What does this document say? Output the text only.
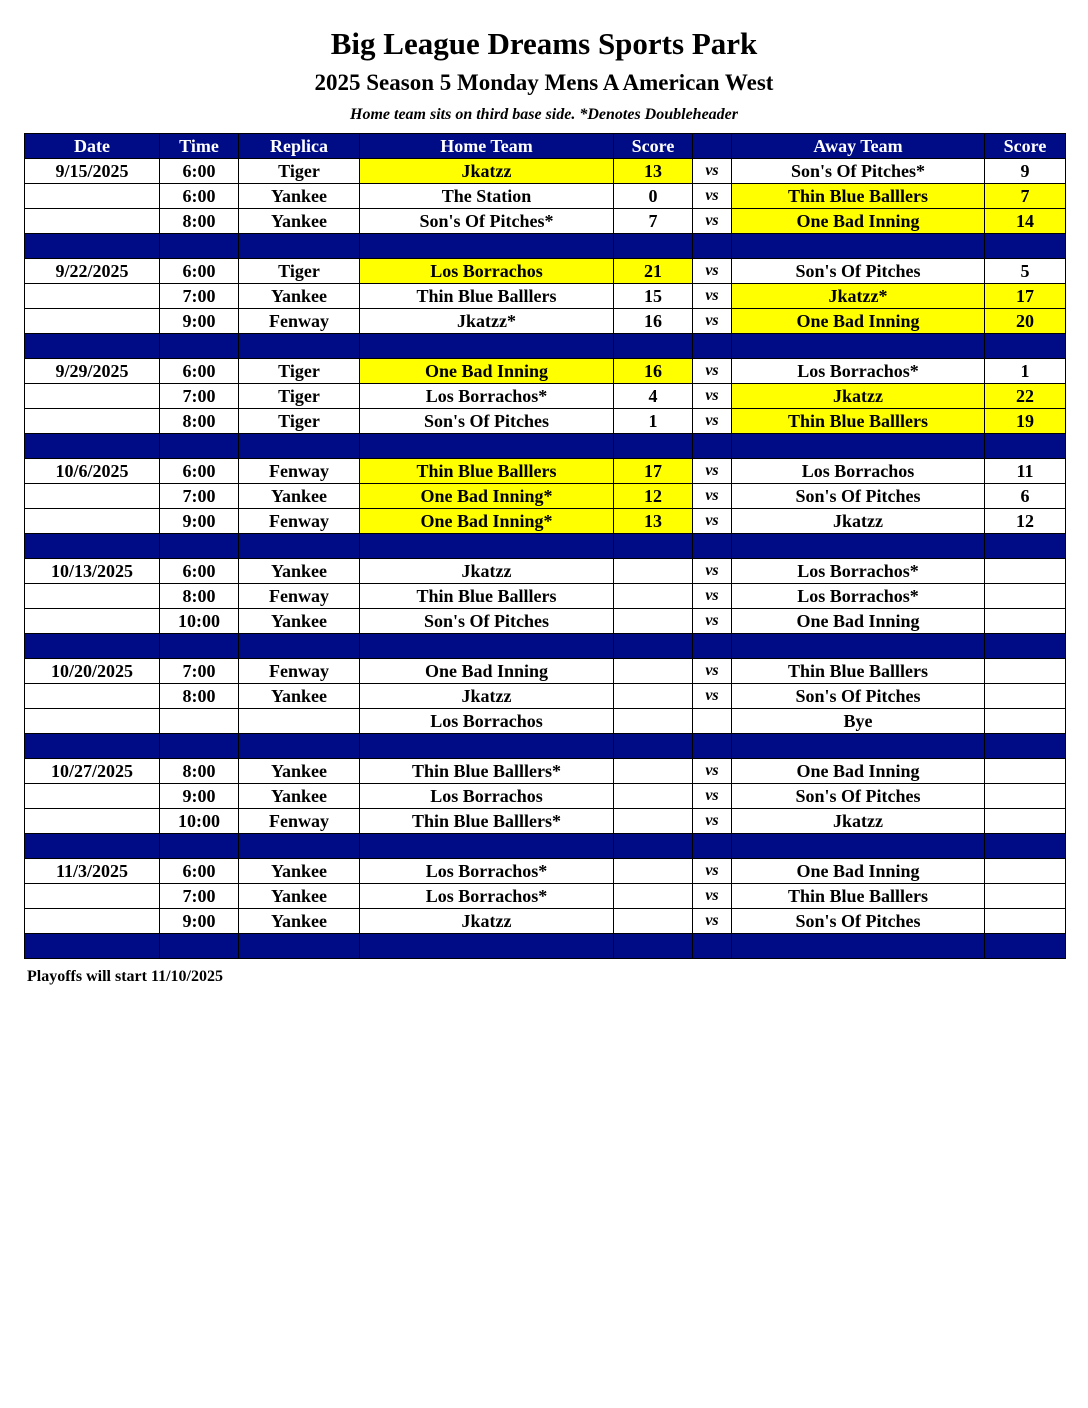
Big League Dreams Sports Park
2025 Season 5 Monday Mens A American West
Home team sits on third base side. *Denotes Doubleheader
Date	Time	Replica	Home Team	Score		Away Team	Score
9/15/2025	6:00	Tiger	Jkatzz	13	vs	Son's Of Pitches*	9
	6:00	Yankee	The Station	0	vs	Thin Blue Balllers	7
	8:00	Yankee	Son's Of Pitches*	7	vs	One Bad Inning	14

9/22/2025	6:00	Tiger	Los Borrachos	21	vs	Son's Of Pitches	5
	7:00	Yankee	Thin Blue Balllers	15	vs	Jkatzz*	17
	9:00	Fenway	Jkatzz*	16	vs	One Bad Inning	20

9/29/2025	6:00	Tiger	One Bad Inning	16	vs	Los Borrachos*	1
	7:00	Tiger	Los Borrachos*	4	vs	Jkatzz	22
	8:00	Tiger	Son's Of Pitches	1	vs	Thin Blue Balllers	19

10/6/2025	6:00	Fenway	Thin Blue Balllers	17	vs	Los Borrachos	11
	7:00	Yankee	One Bad Inning*	12	vs	Son's Of Pitches	6
	9:00	Fenway	One Bad Inning*	13	vs	Jkatzz	12

10/13/2025	6:00	Yankee	Jkatzz		vs	Los Borrachos*	
	8:00	Fenway	Thin Blue Balllers		vs	Los Borrachos*	
	10:00	Yankee	Son's Of Pitches		vs	One Bad Inning	

10/20/2025	7:00	Fenway	One Bad Inning		vs	Thin Blue Balllers	
	8:00	Yankee	Jkatzz		vs	Son's Of Pitches	
			Los Borrachos			Bye	

10/27/2025	8:00	Yankee	Thin Blue Balllers*		vs	One Bad Inning	
	9:00	Yankee	Los Borrachos		vs	Son's Of Pitches	
	10:00	Fenway	Thin Blue Balllers*		vs	Jkatzz	

11/3/2025	6:00	Yankee	Los Borrachos*		vs	One Bad Inning	
	7:00	Yankee	Los Borrachos*		vs	Thin Blue Balllers	
	9:00	Yankee	Jkatzz		vs	Son's Of Pitches	

Playoffs will start 11/10/2025
